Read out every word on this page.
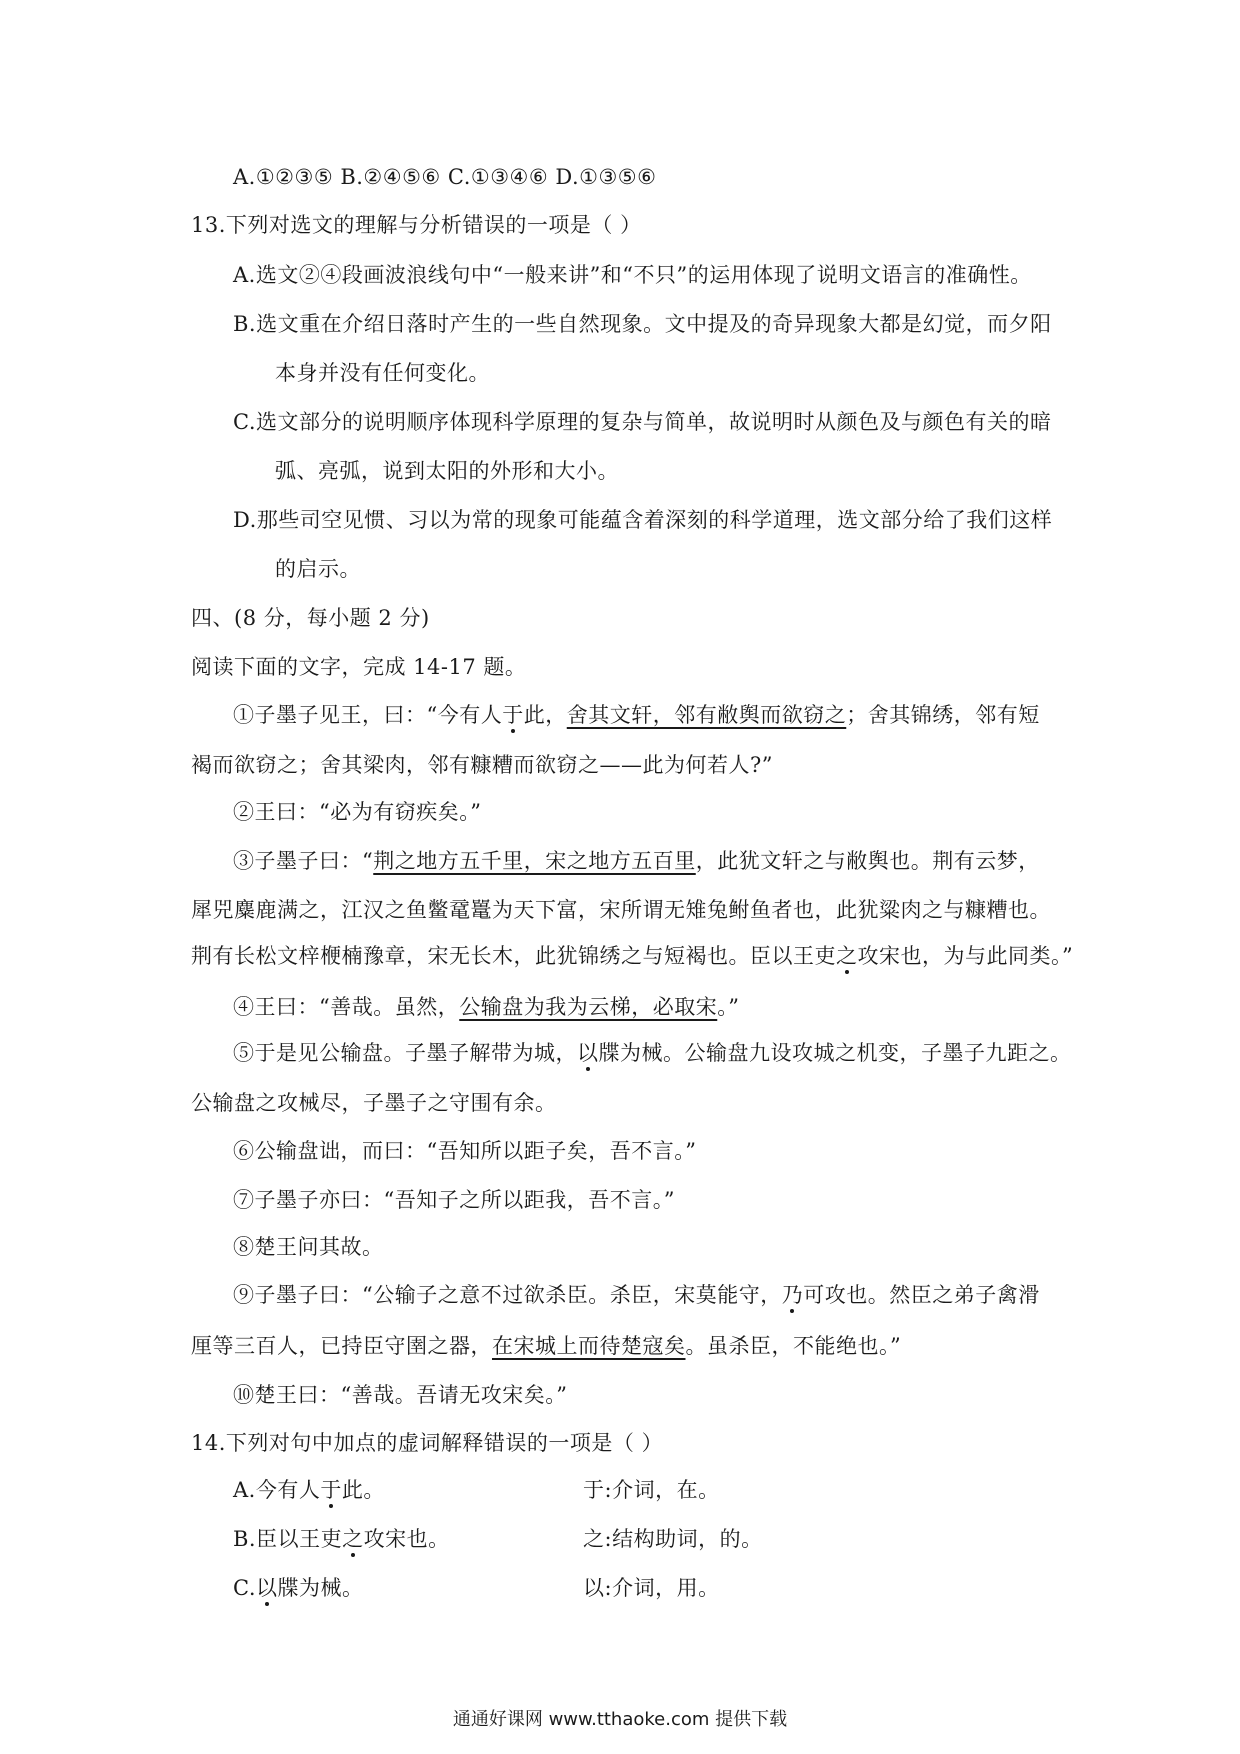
A.①②③⑤ B.②④⑤⑥ C.①③④⑥ D.①③⑤⑥
13.下列对选文的理解与分析错误的一项是（ ）
A.选文②④段画波浪线句中“一般来讲”和“不只”的运用体现了说明文语言的准确性。
B.选文重在介绍日落时产生的一些自然现象。文中提及的奇异现象大都是幻觉，而夕阳
本身并没有任何变化。
C.选文部分的说明顺序体现科学原理的复杂与简单，故说明时从颜色及与颜色有关的暗
弧、亮弧，说到太阳的外形和大小。
D.那些司空见惯、习以为常的现象可能蕴含着深刻的科学道理，选文部分给了我们这样
的启示。
四、(8 分，每小题 2 分)
阅读下面的文字，完成 14-17 题。
①子墨子见王，曰：“今有人于此，舍其文轩，邻有敝舆而欲窃之；舍其锦绣，邻有短
褐而欲窃之；舍其梁肉，邻有糠糟而欲窃之——此为何若人?”
②王曰：“必为有窃疾矣。”
③子墨子曰：“荆之地方五千里，宋之地方五百里，此犹文轩之与敝舆也。荆有云梦，
犀兕麋鹿满之，江汉之鱼鳖鼋鼍为天下富，宋所谓无雉兔鲋鱼者也，此犹粱肉之与糠糟也。
荆有长松文梓楩楠豫章，宋无长木，此犹锦绣之与短褐也。臣以王吏之攻宋也，为与此同类。”
④王曰：“善哉。虽然，公输盘为我为云梯，必取宋。”
⑤于是见公输盘。子墨子解带为城，以牒为械。公输盘九设攻城之机变，子墨子九距之。
公输盘之攻械尽，子墨子之守围有余。
⑥公输盘诎，而曰：“吾知所以距子矣，吾不言。”
⑦子墨子亦曰：“吾知子之所以距我，吾不言。”
⑧楚王问其故。
⑨子墨子曰：“公输子之意不过欲杀臣。杀臣，宋莫能守，乃可攻也。然臣之弟子禽滑
厘等三百人，已持臣守圉之器，在宋城上而待楚寇矣。虽杀臣，不能绝也。”
⑩楚王曰：“善哉。吾请无攻宋矣。”
14.下列对句中加点的虚词解释错误的一项是（ ）
A.今有人于此。	于:介词，在。
B.臣以王吏之攻宋也。	之:结构助词，的。
C.以牒为械。	以:介词，用。
通通好课网 www.tthaoke.com 提供下载
